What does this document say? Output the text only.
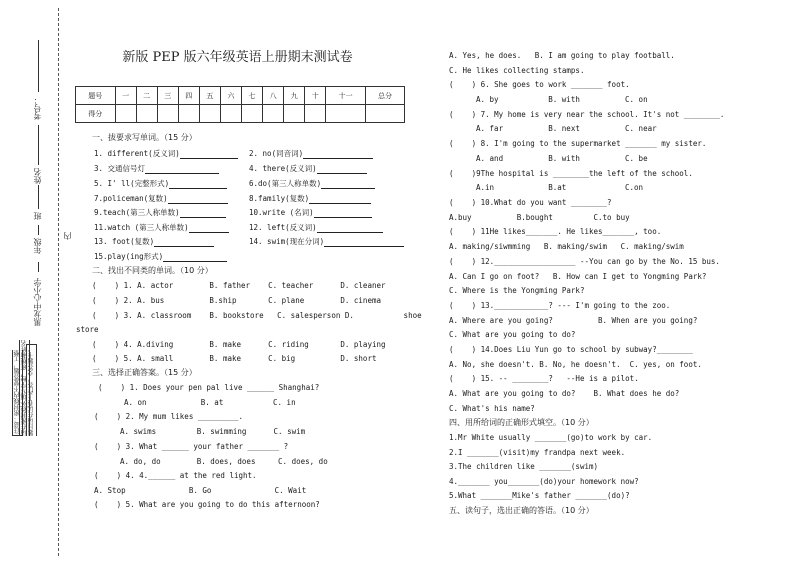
考号：
姓名
班
年级
黑龙中心小学
内
注意：密封线内不要答题，工整
请在密封线外填写学校、班级和姓名
题目请在试卷上作答，交答题卡。
新版 PEP 版六年级英语上册期末测试卷
题号	一	二	三	四	五	六	七	八	九	十	十一	总分
得分												
一、拔要求写单词。（15 分）
1. different(反义词)	2. no(同音词)
3. 交通信号灯	4. there(反义词)
5. I' ll(完整形式)	6.do(第三人称单数)
7.policeman(复数)	8.family(复数)
9.teach(第三人称单数)	10.write (名词)
11.watch (第三人称单数)	12. left(反义词)
13. foot(复数)	14. swim(现在分词)
15.play(ing形式)
二、找出不同类的单词。（10 分）
(    ) 1. A. actor        B. father    C. teacher      D. cleaner
(    ) 2. A. bus          B.ship       C. plane        D. cinema
(    ) 3. A. classroom    B. bookstore   C. salesperson D.           shoe
store
(    ) 4. A.diving        B. make      C. riding       D. playing
(    ) 5. A. small        B. make      C. big          D. short
三、选择正确答案。（15 分）
(    ) 1. Does your pen pal live ______ Shanghai?
A. on            B. at           C. in
(    ) 2. My mum likes _________.
A. swims         B. swimming      C. swim
(    ) 3. What ______ your father _______ ?
A. do, do        B. does, does     C. does, do
(    ) 4. 4.______ at the red light.
A. Stop              B. Go              C. Wait
(    ) 5. What are you going to do this afternoon?
A. Yes, he does.   B. I am going to play football.
C. He likes collecting stamps.
(    ) 6. She goes to work _______ foot.
A. by           B. with          C. on
(    ) 7. My home is very near the school. It's not ________.
A. far          B. next          C. near
(    ) 8. I'm going to the supermarket _______ my sister.
A. and          B. with          C. be
(    )9The hospital is ________the left of the school.
A.in            B.at             C.on
(    ) 10.What do you want ________?
A.buy          B.bought         C.to buy
(    ) 11He likes_______. He likes_______, too.
A. making/siwmming   B. making/swim   C. making/swim
(    ) 12.__________________ --You can go by the No. 15 bus.
A. Can I go on foot?   B. How can I get to Yongming Park?
C. Where is the Yongming Park?
(    ) 13.____________? --- I'm going to the zoo.
A. Where are you going?          B. When are you going?
C. What are you going to do?
(    ) 14.Does Liu Yun go to school by subway?________
A. No, she doesn't. B. No, he doesn't.  C. yes, on foot.
(    ) 15. -- ________?   --He is a pilot.
A. What are you going to do?    B. What does he do?
C. What's his name?
四、用所给词的正确形式填空。（10 分）
1.Mr White usually _______(go)to work by car.
2.I _______(visit)my frandpa next week.
3.The children like _______(swim)
4._______ you_______(do)your homework now?
5.What _______Mike's father _______(do)?
五、读句子，选出正确的答语。（10 分）
